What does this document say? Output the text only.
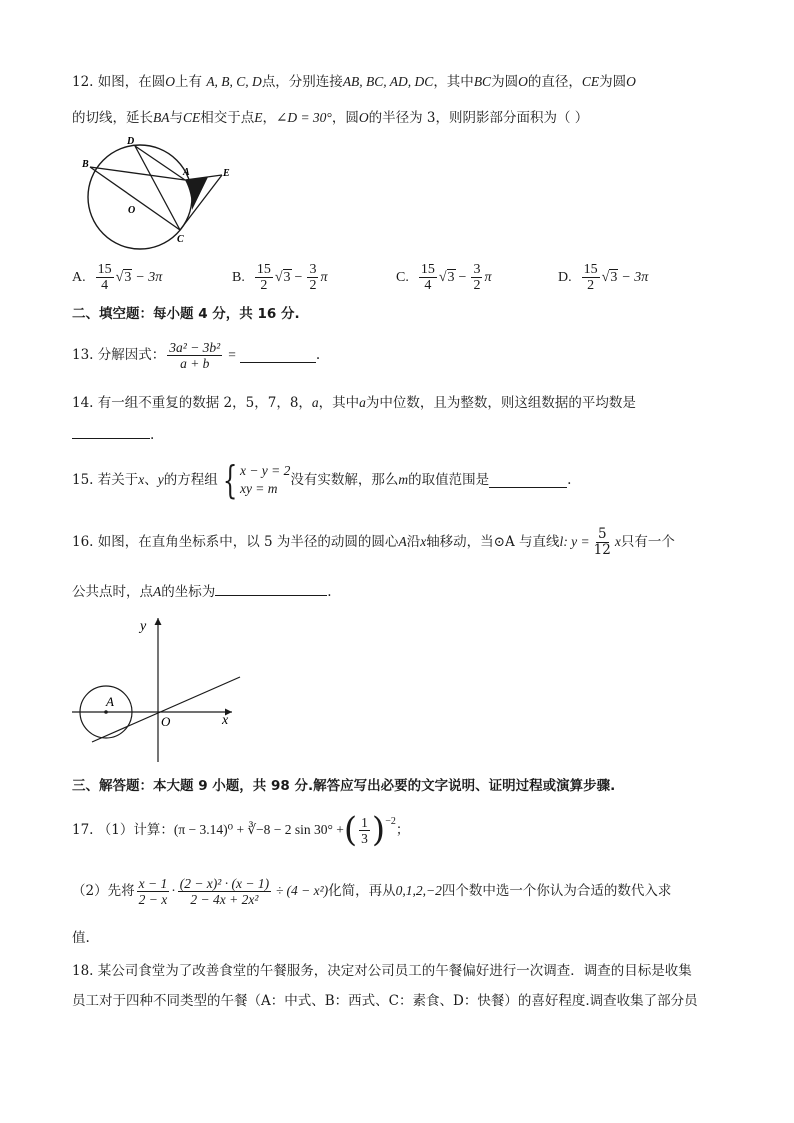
12. 如图，在圆O上有 A, B, C, D点，分别连接AB, BC, AD, DC，其中BC为圆O的直径，CE为圆O
的切线，延长BA与CE相交于点E，∠D = 30°，圆O的半径为 3，则阴影部分面积为（ ）
B
D
A	E
O
C
A. $\frac{15}{4}$ √ 3 − 3π	B. $\frac{15}{2}$ √ $3 - \frac{3}{2}$ π	C. $\frac{15}{4}$ √ $3 - \frac{3}{2}$ π	D. $\frac{15}{2}$ √ 3 − 3π
二、填空题：每小题 4 分，共 16 分.
13. 分解因式： $\frac{\text{3a² − 3b²}}{a + b}$ =	.
14. 有一组不重复的数据 2，5，7，8，a，其中a为中位数，且为整数，则这组数据的平均数是
.
15. 若关于 x 、 y 的方程组 { x − y = 2
xy = m
没有实数解，那么 m 的取值范围是	.
16. 如图，在直角坐标系中，以 5 为半径的动圆的圆心 A 沿 x 轴移动，当⊙A 与直线 l : $y = \frac{5}{12}$ x 只有一个
公共点时，点A的坐标为	.
y
x
A
O
三、解答题：本大题 9 小题，共 98 分.解答应写出必要的文字说明、证明过程或演算步骤.
17. （1）计算： (π − 3.14)⁰ + ∛−8 − 2 sin 30° + ( $\frac{1}{3}$ ) −2
；
（2）先将 $\frac{x - 1}{2 - x} \cdot \frac{\text{(2 − x)² · (x − 1)}}{\text{2 − 4x + 2x²}} \div (4 - x^2)$ 化简，再从 0,1,2,−2 四个数中选一个你认为合适的数代入求
值.
18. 某公司食堂为了改善食堂的午餐服务，决定对公司员工的午餐偏好进行一次调查．调查的目标是收集
员工对于四种不同类型的午餐（A：中式、B：西式、C：素食、D：快餐）的喜好程度.调查收集了部分员
